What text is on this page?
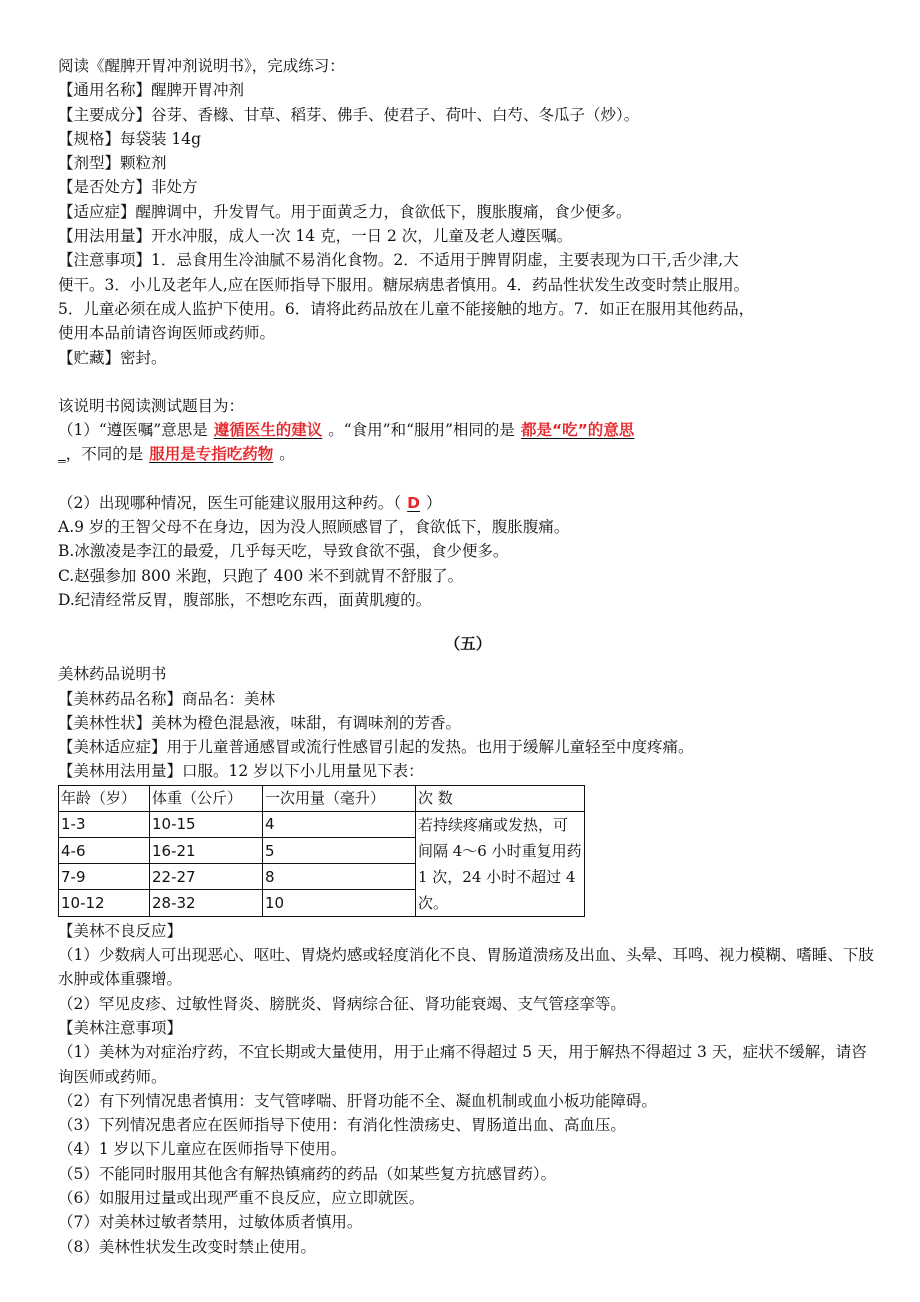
阅读《醒脾开胃冲剂说明书》，完成练习：
【通用名称】醒脾开胃冲剂
【主要成分】谷芽、香橼、甘草、稻芽、佛手、使君子、荷叶、白芍、冬瓜子（炒）。
【规格】每袋装 14g
【剂型】颗粒剂
【是否处方】非处方
【适应症】醒脾调中，升发胃气。用于面黄乏力，食欲低下，腹胀腹痛，食少便多。
【用法用量】开水冲服，成人一次 14 克，一日 2 次，儿童及老人遵医嘱。
【注意事项】1．忌食用生冷油腻不易消化食物。2．不适用于脾胃阴虚，主要表现为口干,舌少津,大
便干。3．小儿及老年人,应在医师指导下服用。糖尿病患者慎用。4．药品性状发生改变时禁止服用。
5．儿童必须在成人监护下使用。6．请将此药品放在儿童不能接触的地方。7．如正在服用其他药品，
使用本品前请咨询医师或药师。
【贮藏】密封。
该说明书阅读测试题目为：
（1）“遵医嘱”意思是 遵循医生的建议 。“食用”和“服用”相同的是 都是“吃”的意思
_，不同的是 服用是专指吃药物 。
（2）出现哪种情况，医生可能建议服用这种药。（ D ）
A.9 岁的王智父母不在身边，因为没人照顾感冒了，食欲低下，腹胀腹痛。
B.冰激凌是李江的最爱，几乎每天吃，导致食欲不强，食少便多。
C.赵强参加 800 米跑，只跑了 400 米不到就胃不舒服了。
D.纪清经常反胃，腹部胀，不想吃东西，面黄肌瘦的。
（五）
美林药品说明书
【美林药品名称】商品名：美林
【美林性状】美林为橙色混悬液，味甜，有调味剂的芳香。
【美林适应症】用于儿童普通感冒或流行性感冒引起的发热。也用于缓解儿童轻至中度疼痛。
【美林用法用量】口服。12 岁以下小儿用量见下表：
年龄（岁）	体重（公斤）	一次用量（毫升）	次 数
1-3	10-15	4	若持续疼痛或发热，可间隔 4～6 小时重复用药 1 次，24 小时不超过 4 次。
4-6	16-21	5	
7-9	22-27	8	
10-12	28-32	10	
【美林不良反应】
（1）少数病人可出现恶心、呕吐、胃烧灼感或轻度消化不良、胃肠道溃疡及出血、头晕、耳鸣、视力模糊、嗜睡、下肢水肿或体重骤增。
（2）罕见皮疹、过敏性肾炎、膀胱炎、肾病综合征、肾功能衰竭、支气管痉挛等。
【美林注意事项】
（1）美林为对症治疗药，不宜长期或大量使用，用于止痛不得超过 5 天，用于解热不得超过 3 天，症状不缓解，请咨询医师或药师。
（2）有下列情况患者慎用：支气管哮喘、肝肾功能不全、凝血机制或血小板功能障碍。
（3）下列情况患者应在医师指导下使用：有消化性溃疡史、胃肠道出血、高血压。
（4）1 岁以下儿童应在医师指导下使用。
（5）不能同时服用其他含有解热镇痛药的药品（如某些复方抗感冒药）。
（6）如服用过量或出现严重不良反应，应立即就医。
（7）对美林过敏者禁用，过敏体质者慎用。
（8）美林性状发生改变时禁止使用。
